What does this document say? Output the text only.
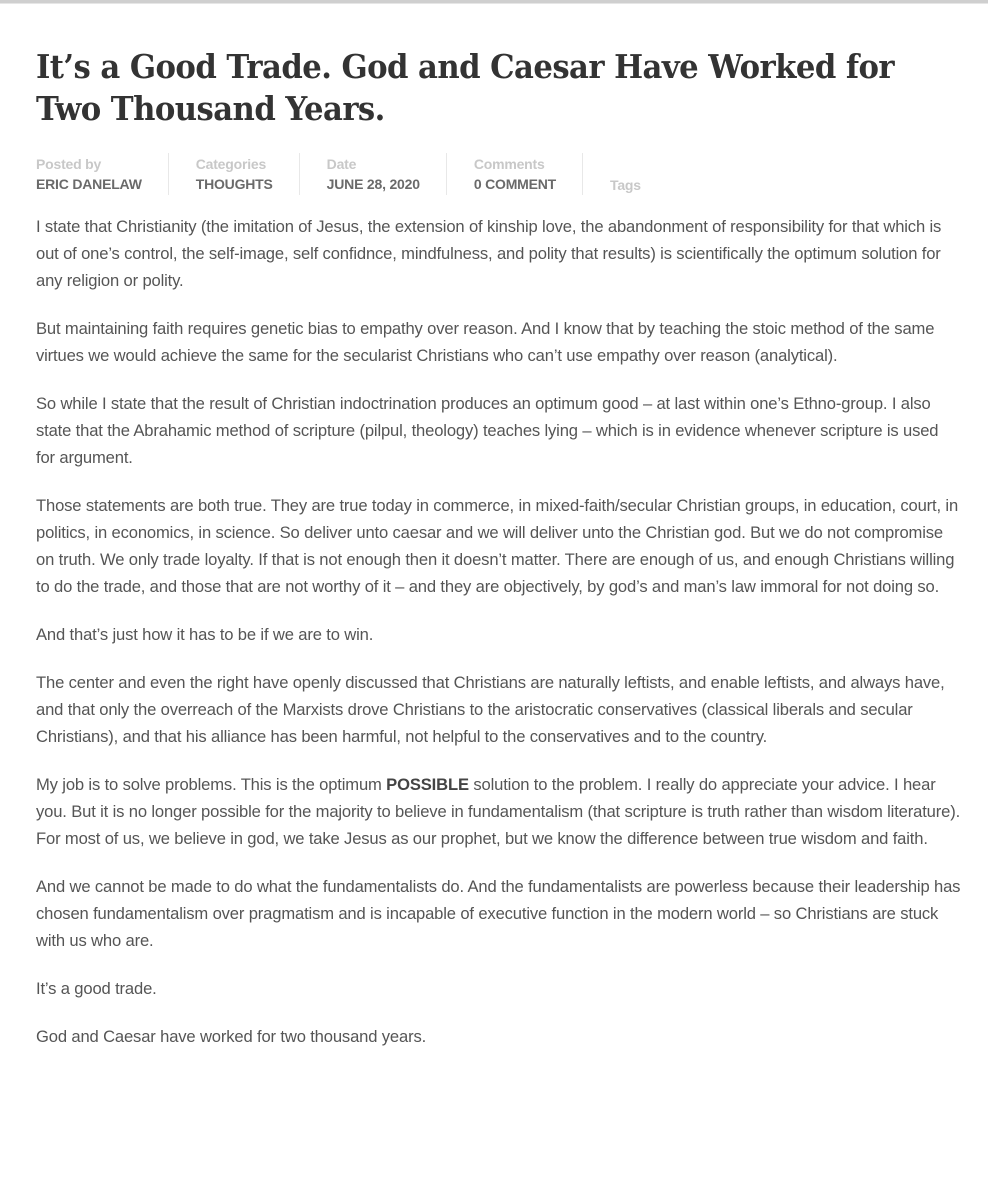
It’s a Good Trade. God and Caesar Have Worked for Two Thousand Years.
Posted by
ERIC DANELAW
Categories
THOUGHTS
Date
JUNE 28, 2020
Comments
0 COMMENT	Tags

I state that Christianity (the imitation of Jesus, the extension of kinship love, the abandonment of responsibility for that which is out of one’s control, the self-image, self confidnce, mindfulness, and polity that results) is scientifically the optimum solution for any religion or polity.

But maintaining faith requires genetic bias to empathy over reason. And I know that by teaching the stoic method of the same virtues we would achieve the same for the secularist Christians who can’t use empathy over reason (analytical).

So while I state that the result of Christian indoctrination produces an optimum good – at last within one’s Ethno-group. I also state that the Abrahamic method of scripture (pilpul, theology) teaches lying – which is in evidence whenever scripture is used for argument.

Those statements are both true. They are true today in commerce, in mixed-faith/secular Christian groups, in education, court, in politics, in economics, in science. So deliver unto caesar and we will deliver unto the Christian god. But we do not compromise on truth. We only trade loyalty. If that is not enough then it doesn’t matter. There are enough of us, and enough Christians willing to do the trade, and those that are not worthy of it – and they are objectively, by god’s and man’s law immoral for not doing so.

And that’s just how it has to be if we are to win.

The center and even the right have openly discussed that Christians are naturally leftists, and enable leftists, and always have, and that only the overreach of the Marxists drove Christians to the aristocratic conservatives (classical liberals and secular Christians), and that his alliance has been harmful, not helpful to the conservatives and to the country.

My job is to solve problems. This is the optimum POSSIBLE solution to the problem. I really do appreciate your advice. I hear you. But it is no longer possible for the majority to believe in fundamentalism (that scripture is truth rather than wisdom literature). For most of us, we believe in god, we take Jesus as our prophet, but we know the difference between true wisdom and faith.

And we cannot be made to do what the fundamentalists do. And the fundamentalists are powerless because their leadership has chosen fundamentalism over pragmatism and is incapable of executive function in the modern world – so Christians are stuck with us who are.

It’s a good trade.

God and Caesar have worked for two thousand years.
